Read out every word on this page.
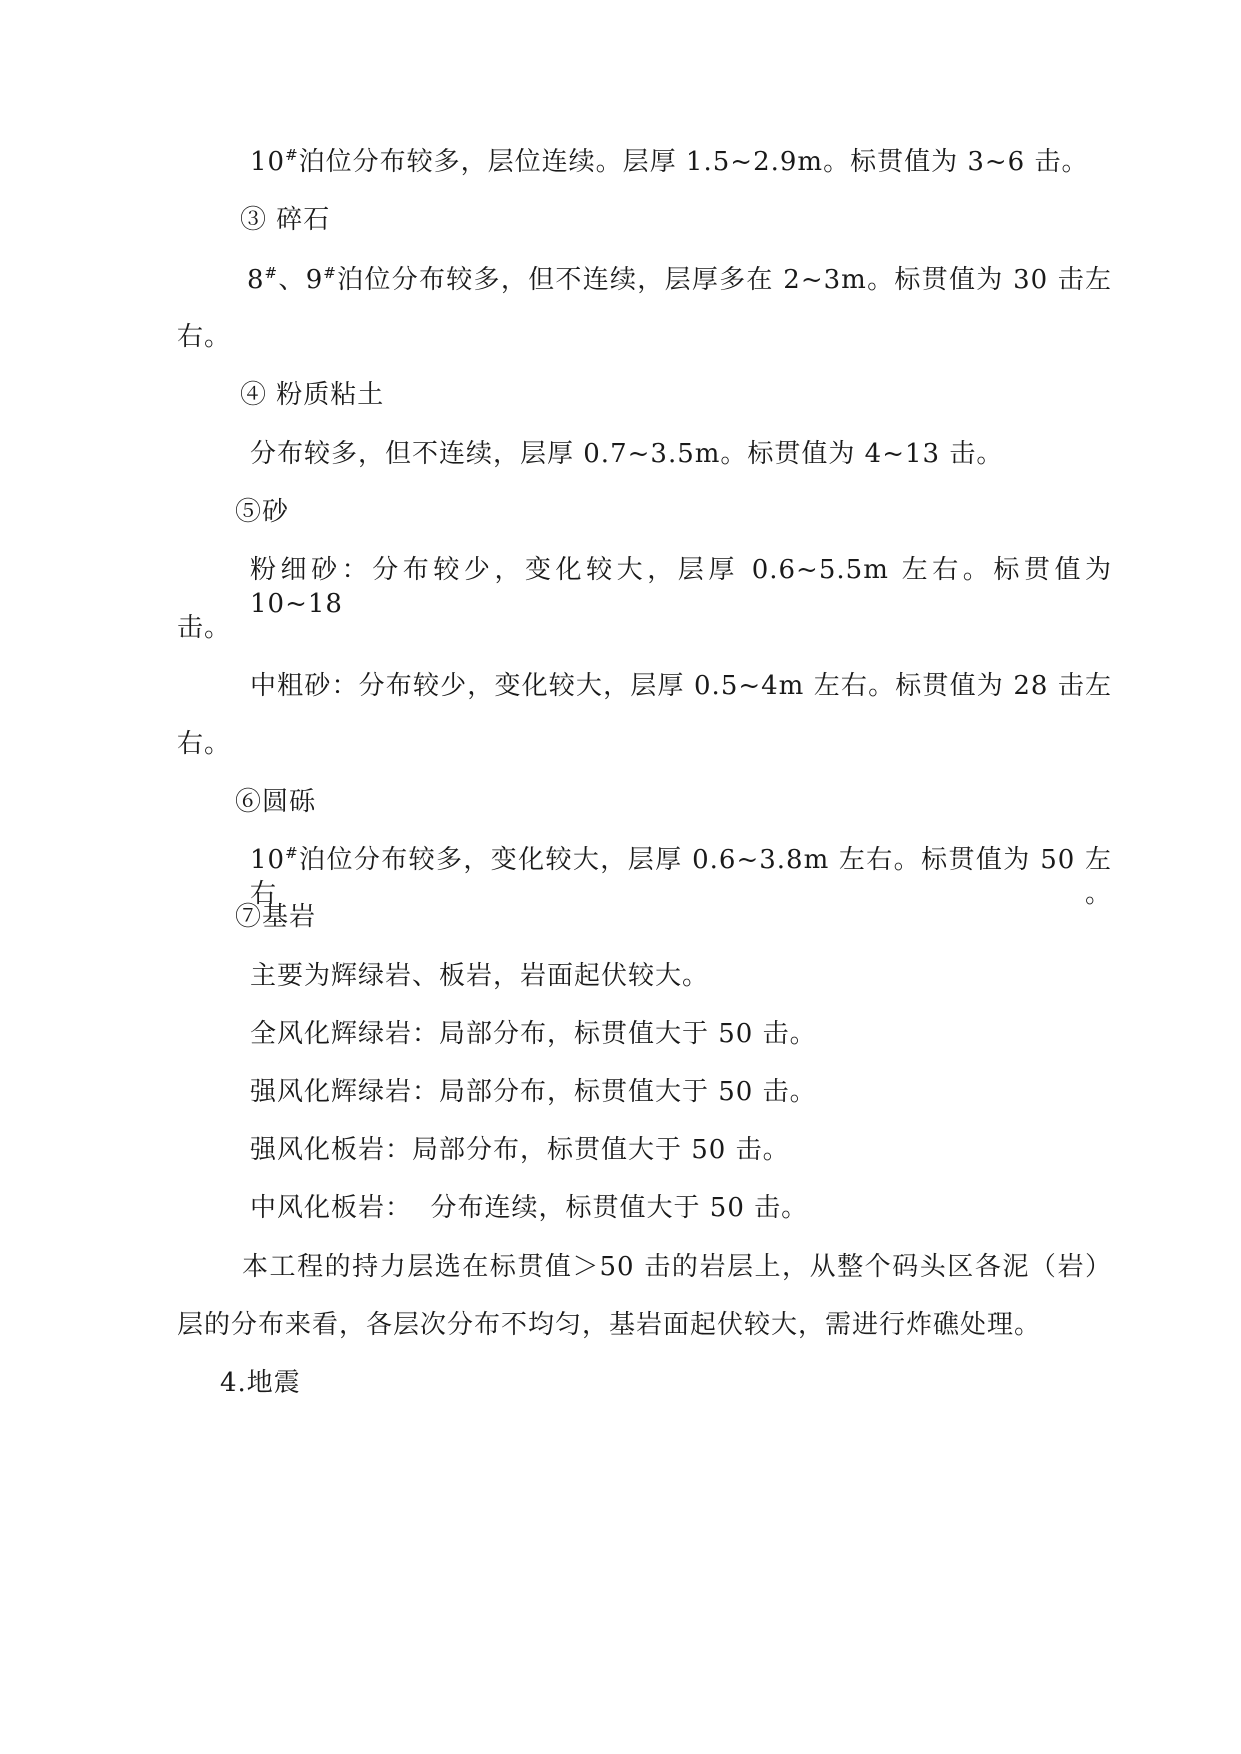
10#泊位分布较多，层位连续。层厚 1.5~2.9m。标贯值为 3~6 击。
③ 碎石
8#、9#泊位分布较多，但不连续，层厚多在 2~3m。标贯值为 30 击左
右。
④ 粉质粘土
分布较多，但不连续，层厚 0.7~3.5m。标贯值为 4~13 击。
⑤砂
粉细砂：分布较少，变化较大，层厚 0.6~5.5m 左右。标贯值为 10~18
击。
中粗砂：分布较少，变化较大，层厚 0.5~4m 左右。标贯值为 28 击左
右。
⑥圆砾
10#泊位分布较多，变化较大，层厚 0.6~3.8m 左右。标贯值为 50 左右。
⑦基岩
主要为辉绿岩、板岩，岩面起伏较大。
全风化辉绿岩：局部分布，标贯值大于 50 击。
强风化辉绿岩：局部分布，标贯值大于 50 击。
强风化板岩：局部分布，标贯值大于 50 击。
中风化板岩：  分布连续，标贯值大于 50 击。
本工程的持力层选在标贯值＞50 击的岩层上，从整个码头区各泥（岩）
层的分布来看，各层次分布不均匀，基岩面起伏较大，需进行炸礁处理。
4.地震
